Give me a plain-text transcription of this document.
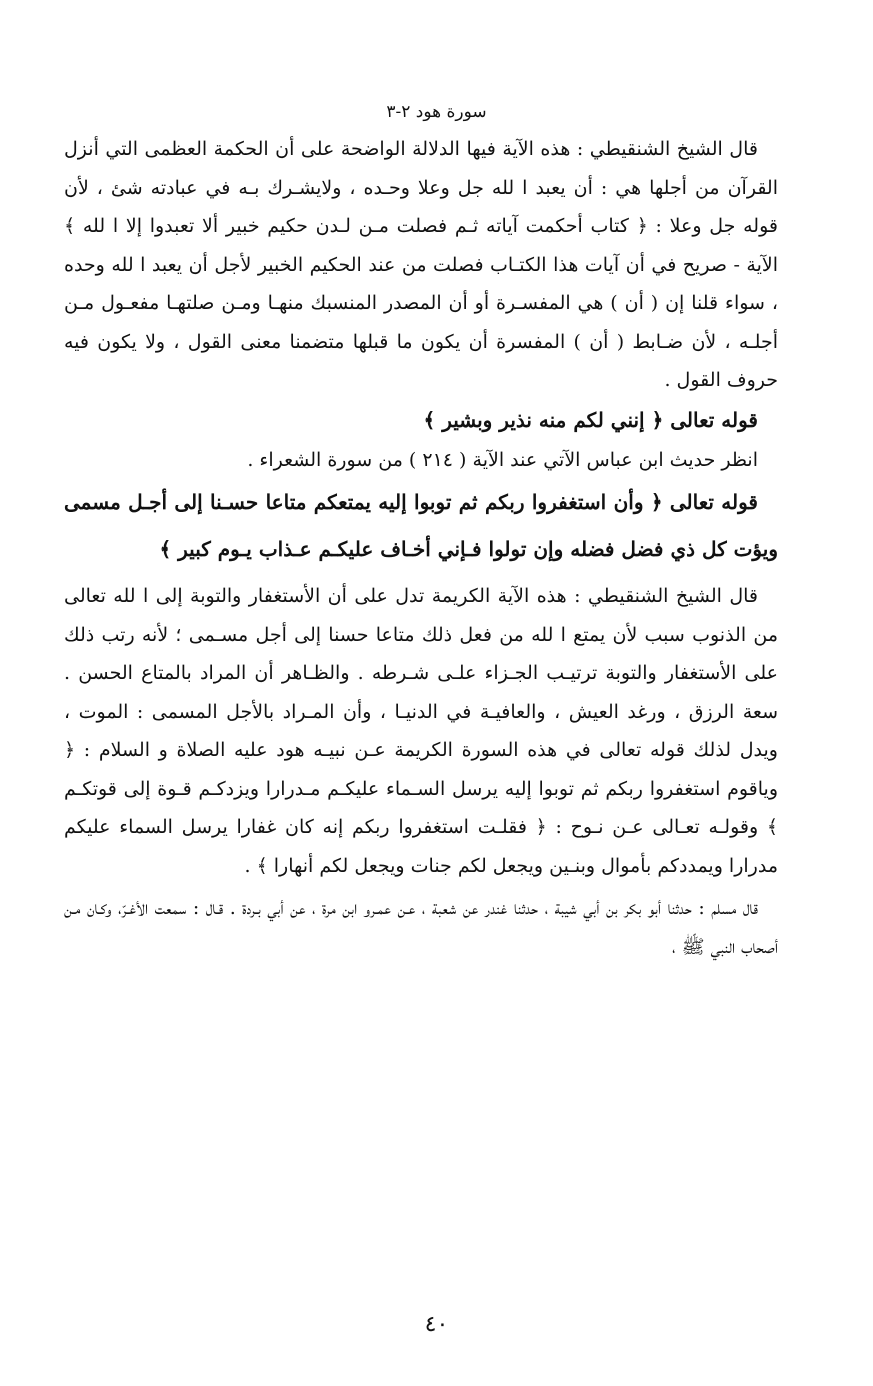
سورة هود ٢-٣

قال الشيخ الشنقيطي : هذه الآية فيها الدلالة الواضحة على أن الحكمة العظمى التي أنزل القرآن من أجلها هي : أن يعبد ا لله جل وعلا وحـده ، ولايشـرك بـه في عبادته شئ ، لأن قوله جل وعلا : ﴿ كتاب أحكمت آياته ثـم فصلت مـن لـدن حكيم خبير ألا تعبدوا إلا ا لله ﴾ الآية - صريح في أن آيات هذا الكتـاب فصلت من عند الحكيم الخبير لأجل أن يعبد ا لله وحده ، سواء قلنا إن ( أن ) هي المفسـرة أو أن المصدر المنسبك منهـا ومـن صلتهـا مفعـول مـن أجلـه ، لأن ضـابط ( أن ) المفسرة أن يكون ما قبلها متضمنا معنى القول ، ولا يكون فيه حروف القول .

قوله تعالى ﴿ إنني لكم منه نذير وبشير ﴾

انظر حديث ابن عباس الآتي عند الآية ( ٢١٤ ) من سورة الشعراء .

قوله تعالى ﴿ وأن استغفروا ربكم ثم توبوا إليه يمتعكم متاعا حسـنا إلى أجـل مسمى ويؤت كل ذي فضل فضله وإن تولوا فـإني أخـاف عليكـم عـذاب يـوم كبير ﴾

قال الشيخ الشنقيطي : هذه الآية الكريمة تدل على أن الأستغفار والتوبة إلى ا لله تعالى من الذنوب سبب لأن يمتع ا لله من فعل ذلك متاعا حسنا إلى أجل مسـمى ؛ لأنه رتب ذلك على الأستغفار والتوبة ترتيـب الجـزاء علـى شـرطه . والظـاهر أن المراد بالمتاع الحسن . سعة الرزق ، ورغد العيش ، والعافيـة في الدنيـا ، وأن المـراد بالأجل المسمى : الموت ، ويدل لذلك قوله تعالى في هذه السورة الكريمة عـن نبيـه هود عليه الصلاة و السلام : ﴿ وياقوم استغفروا ربكم ثم توبوا إليه يرسل السـماء عليكـم مـدرارا ويزدكـم قـوة إلى قوتكـم ﴾ وقولـه تعـالى عـن نـوح : ﴿ فقلـت استغفروا ربكم إنه كان غفارا يرسل السماء عليكم مدرارا ويمددكم بأموال وبنـين ويجعل لكم جنات ويجعل لكم أنهارا ﴾ .

قال مسلم : حدثنا أبو بكر بن أبي شيبة ، حدثنا غندر عن شعبة ، عـن عمـرو ابن مرة ، عن أبي بـردة . قـال : سمعت الأغـرّ، وكـان مـن أصحاب النبي ﷺ ،

٤٠
